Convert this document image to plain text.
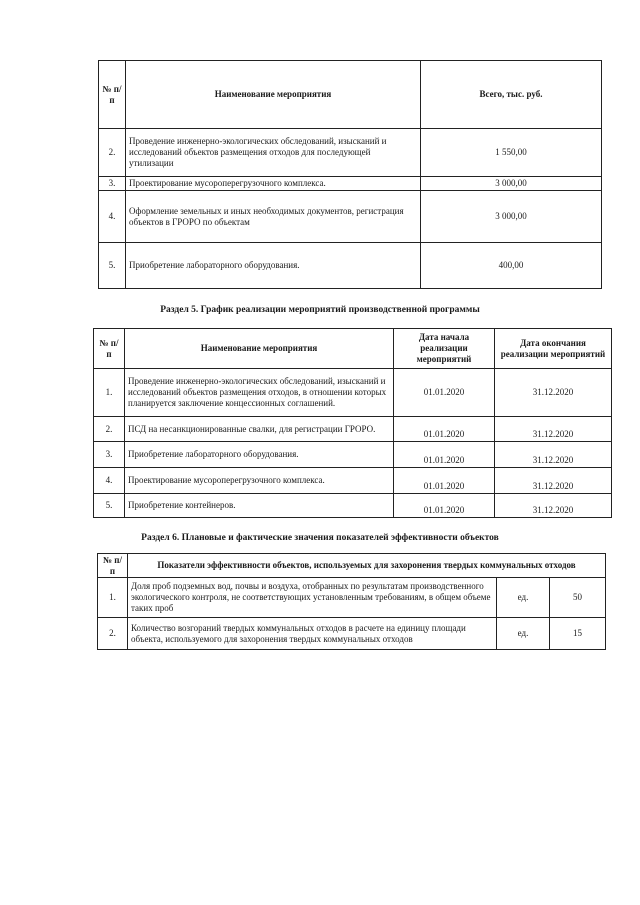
№ п/п	Наименование мероприятия	Всего, тыс. руб.
2.	Проведение инженерно-экологических обследований, изысканий и исследований объектов размещения отходов для последующей утилизации	1 550,00
3.	Проектирование мусороперегрузочного комплекса.	3 000,00
4.	Оформление земельных и иных необходимых документов, регистрация объектов в ГРОРО по объектам	3 000,00
5.	Приобретение лабораторного оборудования.	400,00
Раздел 5. График реализации мероприятий производственной программы
№ п/п	Наименование мероприятия	Дата начала реализации мероприятий	Дата окончания реализации мероприятий
1.	Проведение инженерно-экологических обследований, изысканий и исследований объектов размещения отходов, в отношении которых планируется заключение концессионных соглашений.	01.01.2020	31.12.2020
2.	ПСД на несанкционированные свалки, для регистрации ГРОРО.	01.01.2020	31.12.2020
3.	Приобретение лабораторного оборудования.	01.01.2020	31.12.2020
4.	Проектирование мусороперегрузочного комплекса.	01.01.2020	31.12.2020
5.	Приобретение контейнеров.	01.01.2020	31.12.2020
Раздел 6. Плановые и фактические значения показателей эффективности объектов
№ п/п	Показатели эффективности объектов, используемых для захоронения твердых коммунальных отходов		
1.	Доля проб подземных вод, почвы и воздуха, отобранных по результатам производственного экологического контроля, не соответствующих установленным требованиям, в общем объеме таких проб	ед.	50
2.	Количество возгораний твердых коммунальных отходов в расчете на единицу площади объекта, используемого для захоронения твердых коммунальных отходов	ед.	15
